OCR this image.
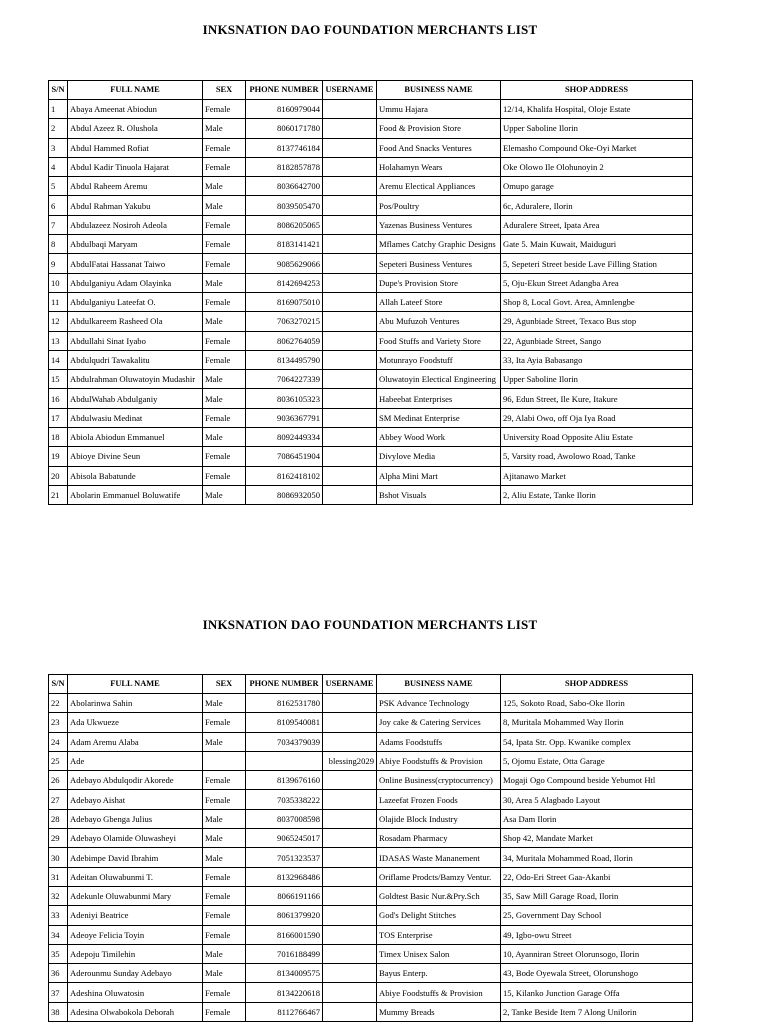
INKSNATION DAO FOUNDATION MERCHANTS LIST
S/N	FULL NAME	SEX	PHONE NUMBER	USERNAME	BUSINESS NAME	SHOP ADDRESS
1	Abaya Ameenat Abiodun	Female	8160979044		Ummu Hajara	12/14, Khalifa Hospital, Oloje Estate
2	Abdul Azeez R. Olushola	Male	8060171780		Food & Provision Store	Upper Saboline Ilorin
3	Abdul Hammed Rofiat	Female	8137746184		Food And Snacks Ventures	Elemasho Compound Oke-Oyi Market
4	Abdul Kadir Tinuola Hajarat	Female	8182857878		Holahamyn Wears	Oke Olowo Ile Olohunoyin 2
5	Abdul Raheem Aremu	Male	8036642700		Aremu Electical Appliances	Omupo garage
6	Abdul Rahman Yakubu	Male	8039505470		Pos/Poultry	6c, Aduralere, Ilorin
7	Abdulazeez Nosiroh Adeola	Female	8086205065		Yazenas Business Ventures	Aduralere Street, Ipata Area
8	Abdulbaqi Maryam	Female	8183141421		Mflames Catchy Graphic Designs	Gate 5. Main Kuwait, Maiduguri
9	AbdulFatai Hassanat Taiwo	Female	9085629066		Sepeteri Business Ventures	5, Sepeteri Street beside Lave Filling Station
10	Abdulganiyu Adam Olayinka	Male	8142694253		Dupe's Provision Store	5, Oju-Ekun Street Adangba Area
11	Abdulganiyu Lateefat O.	Female	8169075010		Allah Lateef Store	Shop 8, Local Govt. Area, Amnlengbe
12	Abdulkareem Rasheed Ola	Male	7063270215		Abu Mufuzoh Ventures	29, Agunbiade Street, Texaco Bus stop
13	Abdullahi Sinat Iyabo	Female	8062764059		Food Stuffs and Variety Store	22, Agunbiade Street, Sango
14	Abdulqudri Tawakalitu	Female	8134495790		Motunrayo Foodstuff	33, Ita Ayia Babasango
15	Abdulrahman Oluwatoyin Mudashir	Male	7064227339		Oluwatoyin Electical Engineering	Upper Saboline Ilorin
16	AbdulWahab Abdulganiy	Male	8036105323		Habeebat Enterprises	96, Edun Street, Ile Kure, Itakure
17	Abdulwasiu Medinat	Female	9036367791		SM Medinat Enterprise	29, Alabi Owo, off Oja Iya Road
18	Abiola Abiodun Emmanuel	Male	8092449334		Abbey Wood Work	University Road Opposite Aliu Estate
19	Abioye Divine Seun	Female	7086451904		Divylove Media	5, Varsity road, Awolowo Road, Tanke
20	Abisola Babatunde	Female	8162418102		Alpha Mini Mart	Ajitanawo Market
21	Abolarin Emmanuel Boluwatife	Male	8086932050		Bshot Visuals	2, Aliu Estate, Tanke Ilorin
INKSNATION DAO FOUNDATION MERCHANTS LIST
S/N	FULL NAME	SEX	PHONE NUMBER	USERNAME	BUSINESS NAME	SHOP ADDRESS
22	Abolarinwa Sahin	Male	8162531780		PSK Advance Technology	125, Sokoto Road, Sabo-Oke Ilorin
23	Ada Ukwueze	Female	8109540081		Joy cake & Catering Services	8, Muritala Mohammed Way Ilorin
24	Adam Aremu Alaba	Male	7034379039		Adams Foodstuffs	54, Ipata Str. Opp. Kwanike complex
25	Ade			blessing2029	Abiye Foodstuffs & Provision	5, Ojomu Estate, Otta Garage
26	Adebayo Abdulqodir Akorede	Female	8139676160		Online Business(cryptocurrency)	Mogaji Ogo Compound beside Yebumot Htl
27	Adebayo Aishat	Female	7035338222		Lazeefat Frozen Foods	30, Area 5 Alagbado Layout
28	Adebayo Gbenga Julius	Male	8037008598		Olajide Block Industry	Asa Dam Ilorin
29	Adebayo Olamide Oluwasheyi	Male	9065245017		Rosadam Pharmacy	Shop 42, Mandate Market
30	Adebimpe David Ibrahim	Male	7051323537		IDASAS Waste Mananement	34, Muritala Mohammed Road, Ilorin
31	Adeitan Oluwabunmi T.	Female	8132968486		Oriflame Prodcts/Bamzy Ventur.	22, Odo-Eri Street Gaa-Akanbi
32	Adekunle Oluwabunmi Mary	Female	8066191166		Goldtest Basic Nur.&Pry.Sch	35, Saw Mill Garage Road, Ilorin
33	Adeniyi Beatrice	Female	8061379920		God's Delight Stitches	25, Government Day School
34	Adeoye Felicia Toyin	Female	8166001590		TOS Enterprise	49, Igbo-owu Street
35	Adepoju Timilehin	Male	7016188499		Timex Unisex Salon	10, Ayanniran Street Olorunsogo, Ilorin
36	Aderounmu Sunday Adebayo	Male	8134009575		Bayus Enterp.	43, Bode Oyewala Street, Olorunshogo
37	Adeshina Oluwatosin	Female	8134220618		Abiye Foodstuffs & Provision	15, Kilanko Junction Garage Offa
38	Adesina Olwabokola Deborah	Female	8112766467		Mummy Breads	2, Tanke Beside Item 7 Along Unilorin
